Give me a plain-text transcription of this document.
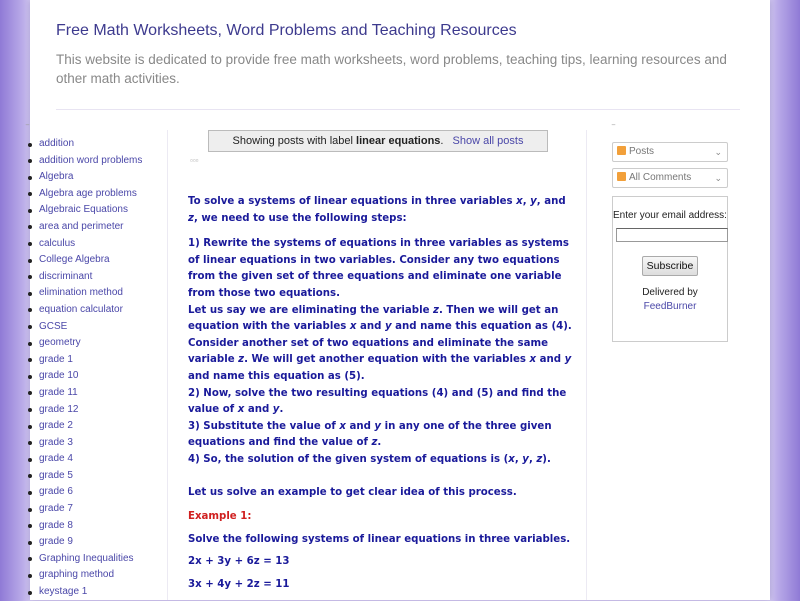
Free Math Worksheets, Word Problems and Teaching Resources
This website is dedicated to provide free math worksheets, word problems, teaching tips, learning resources and other math activities.
‾
addition
addition word problems
Algebra
Algebra age problems
Algebraic Equations
area and perimeter
calculus
College Algebra
discriminant
elimination method
equation calculator
GCSE
geometry
grade 1
grade 10
grade 11
grade 12
grade 2
grade 3
grade 4
grade 5
grade 6
grade 7
grade 8
grade 9
Graphing Inequalities
graphing method
keystage 1
Showing posts with label linear equations. Show all posts
▫▫▫

To solve a systems of linear equations in three variables x, y, and z, we need to use the following steps:

1) Rewrite the systems of equations in three variables as systems of linear equations in two variables. Consider any two equations from the given set of three equations and eliminate one variable from those two equations.

Let us say we are eliminating the variable z. Then we will get an equation with the variables x and y and name this equation as (4).

Consider another set of two equations and eliminate the same variable z. We will get another equation with the variables x and y and name this equation as (5).

2) Now, solve the two resulting equations (4) and (5) and find the value of x and y.

3) Substitute the value of x and y in any one of the three given equations and find the value of z.

4) So, the solution of the given system of equations is (x, y, z).

Let us solve an example to get clear idea of this process.

Example 1:

Solve the following systems of linear equations in three variables.

2x + 3y + 6z = 13

3x + 4y + 2z = 11

‾
Posts	⌄
All Comments	⌄
Enter your email address:
Subscribe
Delivered by
FeedBurner
